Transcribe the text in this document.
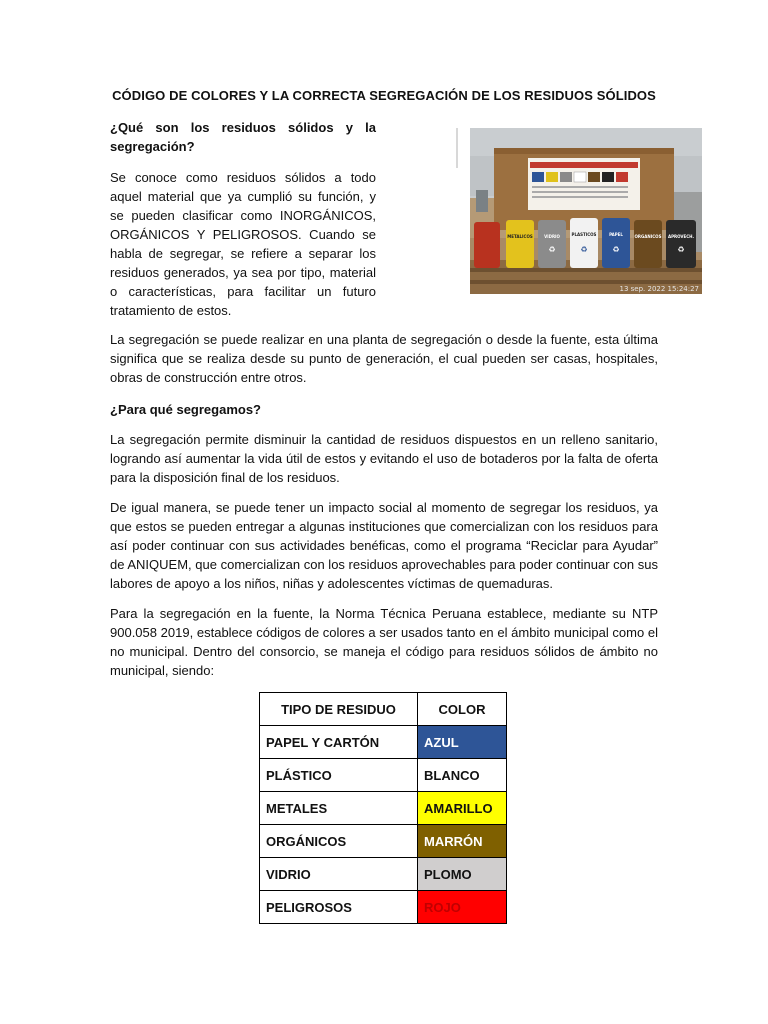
CÓDIGO DE COLORES Y LA CORRECTA SEGREGACIÓN DE LOS RESIDUOS SÓLIDOS

¿Qué son los residuos sólidos y la segregación?

Se conoce como residuos sólidos a todo aquel material que ya cumplió su función, y se pueden clasificar como INORGÁNICOS, ORGÁNICOS Y PELIGROSOS. Cuando se habla de segregar, se refiere a separar los residuos generados, ya sea por tipo, material o características, para facilitar un futuro tratamiento de estos.

METALICOS	VIDRIO	PLASTICOS	PAPEL	ORGANICOS APROVECH.
♻	♻	♻	♻
13 sep. 2022 15:24:27

La segregación se puede realizar en una planta de segregación o desde la fuente, esta última significa que se realiza desde su punto de generación, el cual pueden ser casas, hospitales, obras de construcción entre otros.

¿Para qué segregamos?

La segregación permite disminuir la cantidad de residuos dispuestos en un relleno sanitario, logrando así aumentar la vida útil de estos y evitando el uso de botaderos por la falta de oferta para la disposición final de los residuos.

De igual manera, se puede tener un impacto social al momento de segregar los residuos, ya que estos se pueden entregar a algunas instituciones que comercializan con los residuos para así poder continuar con sus actividades benéficas, como el programa “Reciclar para Ayudar” de ANIQUEM, que comercializan con los residuos aprovechables para poder continuar con sus labores de apoyo a los niños, niñas y adolescentes víctimas de quemaduras.

Para la segregación en la fuente, la Norma Técnica Peruana establece, mediante su NTP 900.058 2019, establece códigos de colores a ser usados tanto en el ámbito municipal como el no municipal. Dentro del consorcio, se maneja el código para residuos sólidos de ámbito no municipal, siendo:

TIPO DE RESIDUO	COLOR
PAPEL Y CARTÓN	AZUL
PLÁSTICO	BLANCO
METALES	AMARILLO
ORGÁNICOS	MARRÓN
VIDRIO	PLOMO
PELIGROSOS	ROJO
